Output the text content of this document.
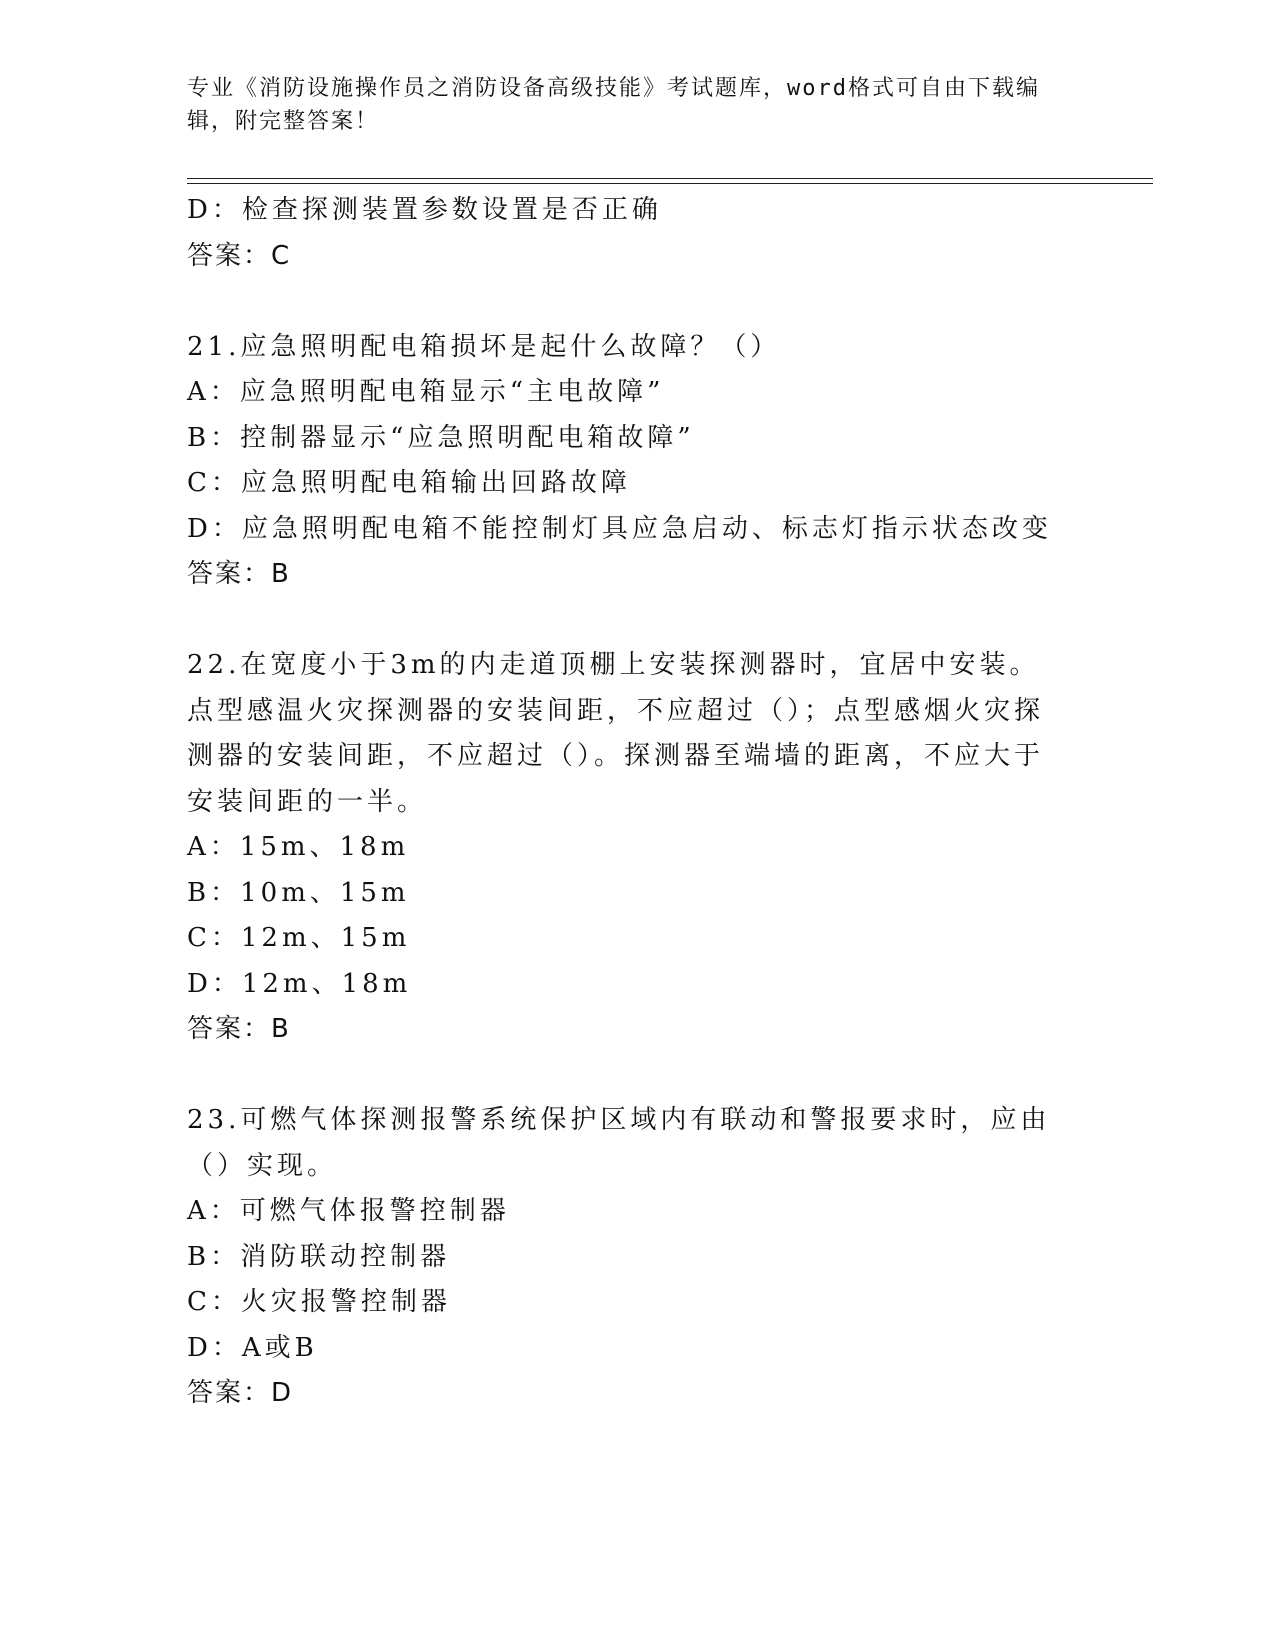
专业《消防设施操作员之消防设备高级技能》考试题库，word格式可自由下载编辑，附完整答案！
D：检查探测装置参数设置是否正确
答案：C
21.应急照明配电箱损坏是起什么故障？（）
A：应急照明配电箱显示“主电故障”
B：控制器显示“应急照明配电箱故障”
C：应急照明配电箱输出回路故障
D：应急照明配电箱不能控制灯具应急启动、标志灯指示状态改变
答案：B
22.在宽度小于3m的内走道顶棚上安装探测器时，宜居中安装。点型感温火灾探测器的安装间距，不应超过（）；点型感烟火灾探测器的安装间距，不应超过（）。探测器至端墙的距离，不应大于安装间距的一半。
A：15m、18m
B：10m、15m
C：12m、15m
D：12m、18m
答案：B
23.可燃气体探测报警系统保护区域内有联动和警报要求时，应由（）实现。
A：可燃气体报警控制器
B：消防联动控制器
C：火灾报警控制器
D：A或B
答案：D
